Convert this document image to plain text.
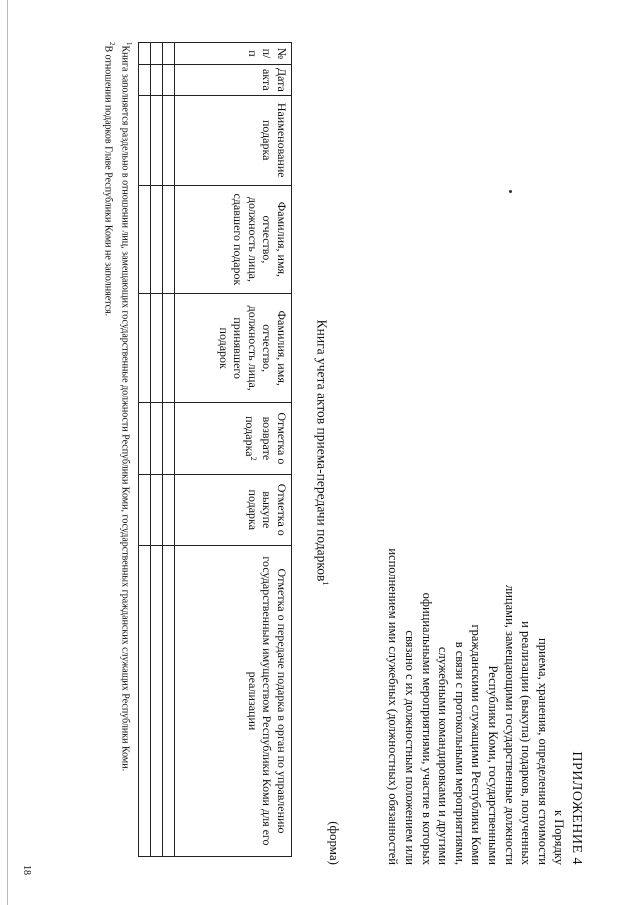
ПРИЛОЖЕНИЕ 4
к Порядку
приема, хранения, определения стоимости
и реализации (выкупа) подарков, полученных
лицами, замещающими государственные должности
Республики Коми, государственными
гражданскими служащими Республики Коми
в связи с протокольными мероприятиями,
служебными командировками и другими
официальными мероприятиями, участие в которых
связано с их должностным положением или
исполнением ими служебных (должностных) обязанностей
(форма)
Книга учета актов приема-передачи подарков$^1$
№ п/п	Дата акта	Наименование подарка	Фамилия, имя, отчество, должность лица, сдавшего подарок	Фамилия, имя, отчество, должность лица, принявшего подарок	Отметка о возврате подарка$^2$	Отметка о выкупе подарка	Отметка о передаче подарка в орган по управлению государственным имуществом Республики Коми для его реализации

$^1$Книга заполняется раздельно в отношении лиц, замещающих государственные должности Республики Коми, государственных гражданских служащих Республики Коми.
$^2$В отношении подарков Главе Республики Коми не заполняется.
18
